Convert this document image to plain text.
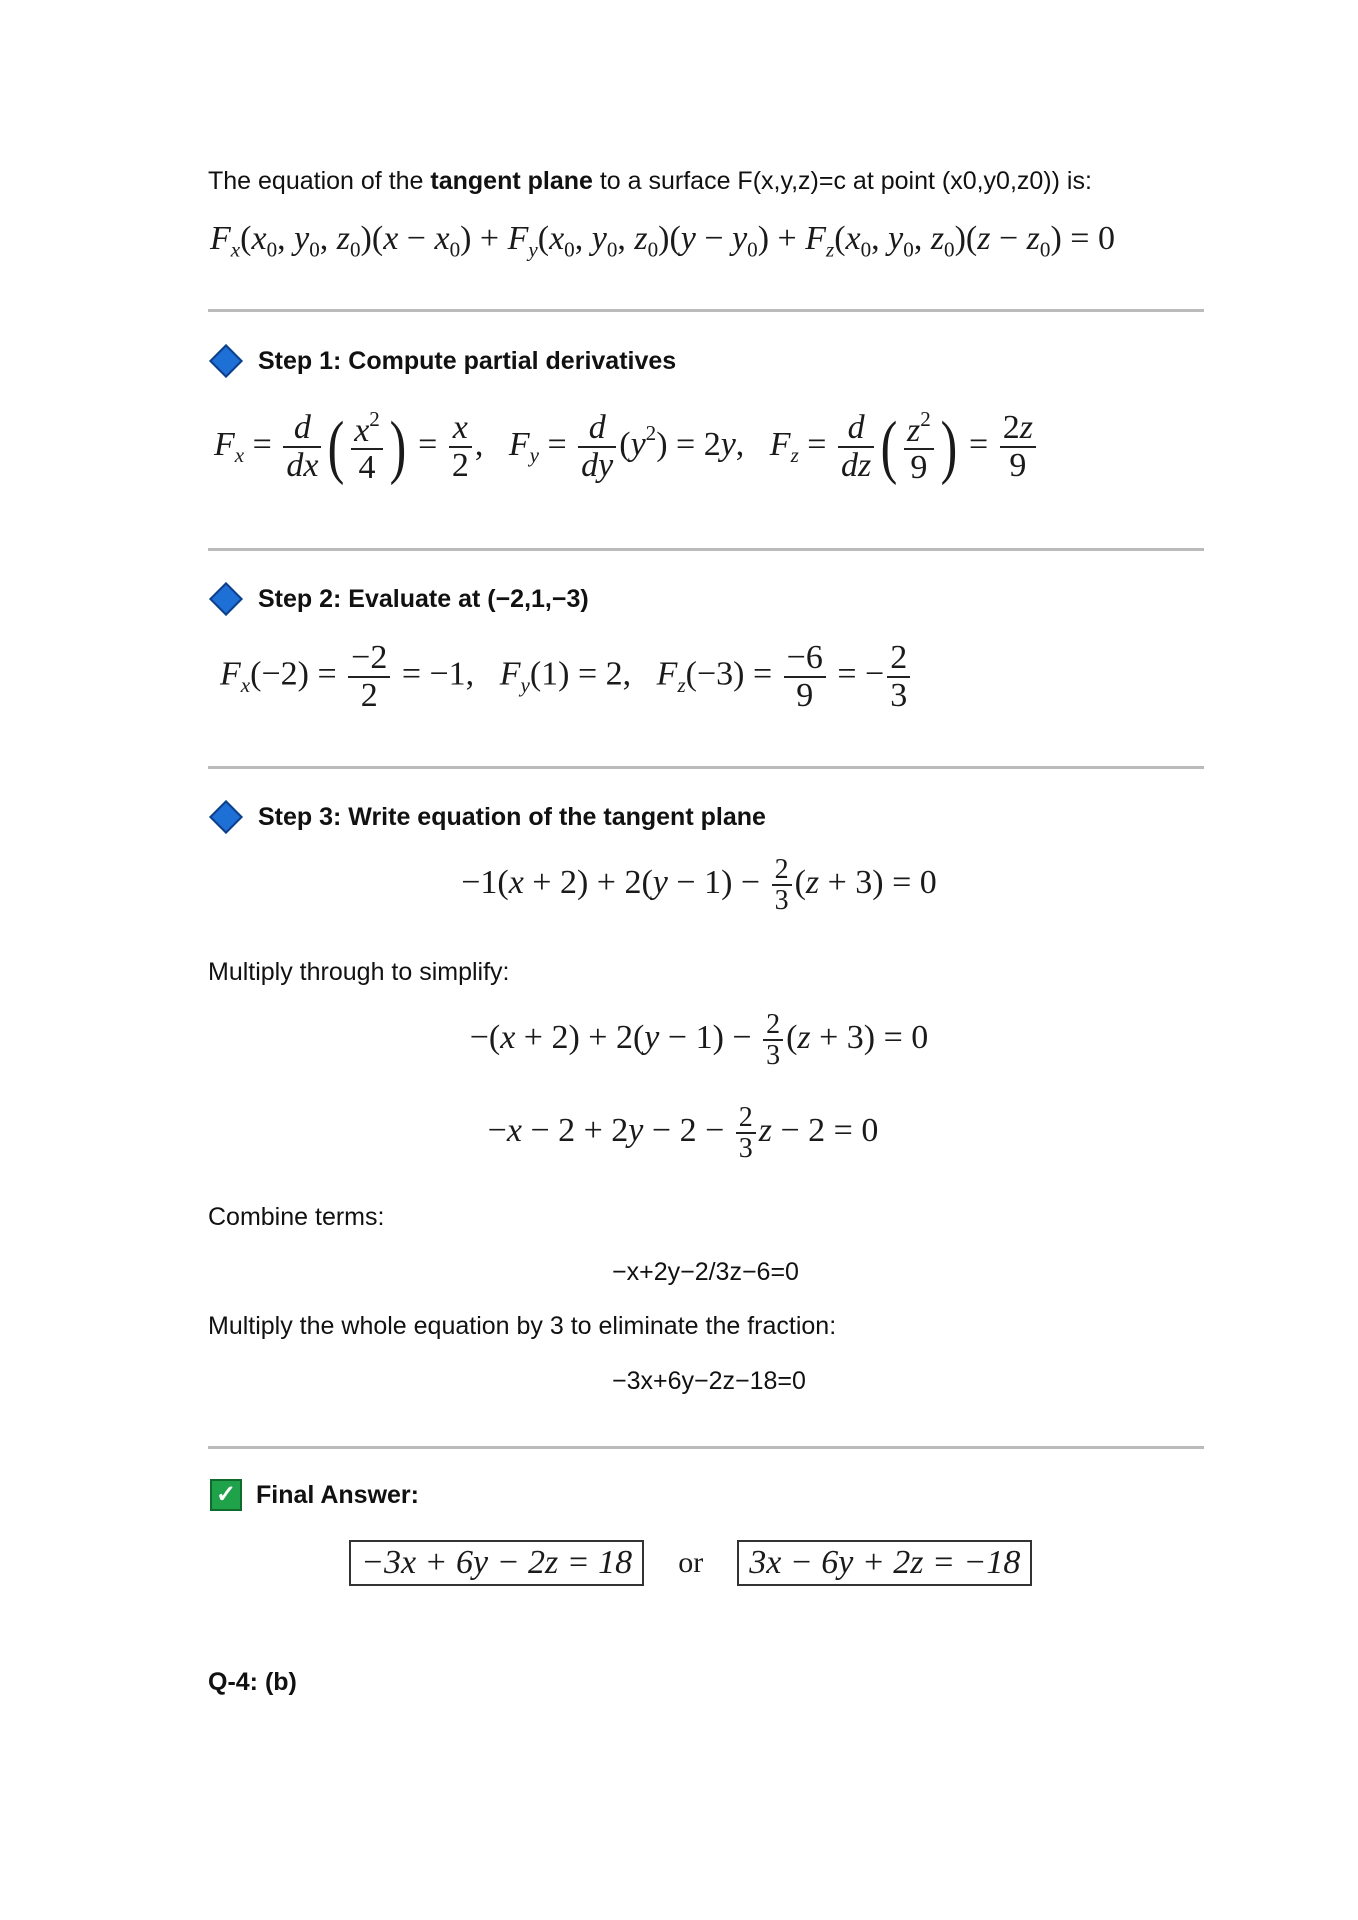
The equation of the tangent plane to a surface F(x,y,z)=c at point (x0,y0,z0)) is:
$F_x(x_0$, $y_0$, $z_0)(x - x_0) + F_y(x_0$, $y_0$, $z_0)(y - y_0) + F_z(x_0$, $y_0$, $z_0)(z - z_0) = 0$
Step 1: Compute partial derivatives
$F_x = \frac{d}{dx}$ ( $\frac{x^2}{4}$ ) = $\frac{x}{2}$ ,   $F_y = \frac{d}{dy} (y^2) = 2y$,   $F_z = \frac{d}{dz}$ ( $\frac{z^2}{9}$ ) = $\frac{2z}{9}$
Step 2: Evaluate at (−2,1,−3)
$F_x(-2) = \frac{-2}{2} = -1$,   $F_y(1) = 2$,   $F_z(-3) = \frac{-6}{9}$ = − $\frac{2}{3}$
Step 3: Write equation of the tangent plane
$-1(x + 2) + 2(y - 1) - \frac{2}{3} (z + 3) = 0$
Multiply through to simplify:
$-(x + 2) + 2(y - 1) - \frac{2}{3} (z + 3) = 0$
$-x - 2 + 2y - 2 - \frac{2}{3}$ z − 2 = 0
Combine terms:
−x+2y−2/3z−6=0
Multiply the whole equation by 3 to eliminate the fraction:
−3x+6y−2z−18=0
✓ Final Answer:
−3x + 6y − 2z = 18	or	3x − 6y + 2z = −18
Q-4: (b)
